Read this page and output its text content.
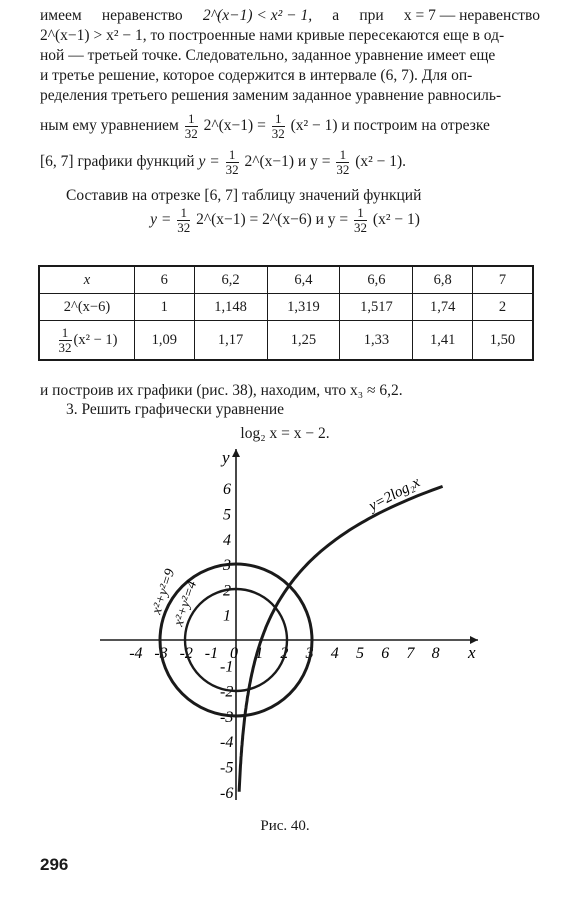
имеем неравенство 2^(x−1) < x² − 1, а при x = 7 — неравенство
2^(x−1) > x² − 1, то построенные нами кривые пересекаются еще в од-
ной — третьей точке. Следовательно, заданное уравнение имеет еще
и третье решение, которое содержится в интервале (6, 7). Для оп-
ределения третьего решения заменим заданное уравнение равносиль-
ным ему уравнением $\frac{1}{32}$ 2^(x−1) = $\frac{1}{32} (x^2 - 1)$ и построим на отрезке
[6, 7] графики функций $y = \frac{1}{32}$ 2^(x−1) и $y = \frac{1}{32} (x^2 - 1)$.
Составив на отрезке [6, 7] таблицу значений функций
$y = \frac{1}{32}$ 2^(x−1) = 2^(x−6) и $y = \frac{1}{32} (x^2 - 1)$
x	6	6,2	6,4	6,6	6,8	7
2^(x−6)	1	1,148	1,319	1,517	1,74	2

$\frac{1}{32} (x^2 - 1)$	1,09	1,17	1,25	1,33	1,41	1,50
и построив их графики (рис. 38), находим, что x₃ ≈ 6,2.
3. Решить графически уравнение
log₂ x = x − 2.
x
y
-4 -3 -2 -1 0 1 2 3 4 5 6 7 8
6
5
4
3
2
1
-1
-2
-3
-4
-5
-6
y=2log₂x
x²+y²=9
x²+y²=4
Рис. 40.
296
